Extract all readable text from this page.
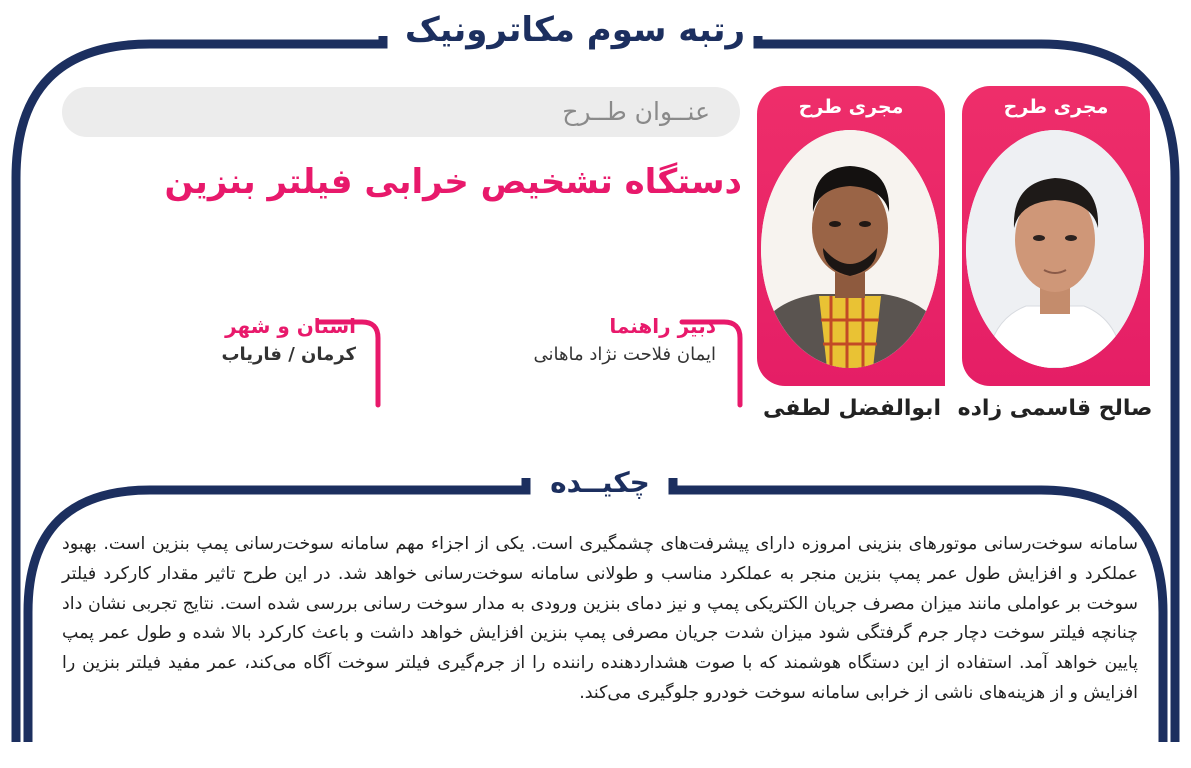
رتبه سوم مکاترونیک
عنــوان طــرح
دستگاه تشخیص خرابی فیلتر بنزین
مجری طرح
مجری طرح
صالح قاسمی زاده
ابوالفضل لطفی
دبیر راهنما
ایمان فلاحت نژاد ماهانی
استان و شهر
کرمان / فاریاب
چکیــده
سامانه سوخت‌رسانی موتورهای بنزینی امروزه دارای پیشرفت‌های چشمگیری است. یکی از اجزاء مهم سامانه سوخت‌رسانی پمپ بنزین است. بهبود عملکرد و افزایش طول عمر پمپ بنزین منجر به عملکرد مناسب و طولانی سامانه سوخت‌رسانی خواهد شد. در این طرح تاثیر مقدار کارکرد فیلتر سوخت بر عواملی مانند میزان مصرف جریان الکتریکی پمپ و نیز دمای بنزین ورودی به مدار سوخت رسانی بررسی شده است. نتایج تجربی نشان داد چنانچه فیلتر سوخت دچار جرم گرفتگی شود میزان شدت جریان مصرفی پمپ بنزین افزایش خواهد داشت و باعث کارکرد بالا شده و طول عمر پمپ پایین خواهد آمد. استفاده از این دستگاه هوشمند که با صوت هشداردهنده راننده را از جرم‌گیری فیلتر سوخت آگاه می‌کند، عمر مفید فیلتر بنزین را افزایش و از هزینه‌های ناشی از خرابی سامانه سوخت خودرو جلوگیری می‌کند.
